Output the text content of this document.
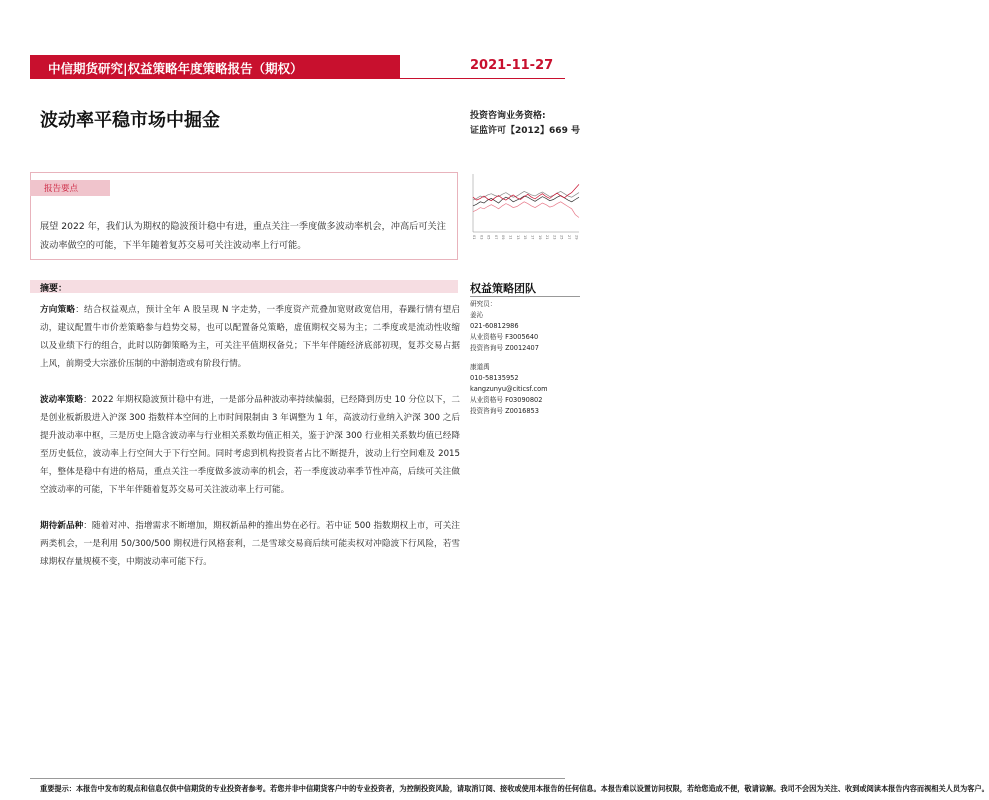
中信期货研究|权益策略年度策略报告（期权）	2021-11-27
波动率平稳市场中掘金	投资咨询业务资格:
证监许可【2012】669 号
报告要点
展望 2022 年，我们认为期权的隐波预计稳中有进，重点关注一季度做多波动率机会，冲高后可关注波动率做空的可能，下半年随着复苏交易可关注波动率上行可能。
01 03 05 07 09 11 13 15 17 19 21 23 25 27 29
摘要：
方向策略：结合权益观点，预计全年 A 股呈现 N 字走势，一季度资产荒叠加宽财政宽信用，春躁行情有望启动，建议配置牛市价差策略参与趋势交易，也可以配置备兑策略，虚值期权交易为主；二季度或是流动性收缩以及业绩下行的组合，此时以防御策略为主，可关注平值期权备兑；下半年伴随经济底部初现，复苏交易占据上风，前期受大宗涨价压制的中游制造或有阶段行情。
波动率策略：2022 年期权隐波预计稳中有进，一是部分品种波动率持续偏弱，已经降到历史 10 分位以下，二是创业板新股进入沪深 300 指数样本空间的上市时间限制由 3 年调整为 1 年，高波动行业纳入沪深 300 之后提升波动率中枢，三是历史上隐含波动率与行业相关系数均值正相关，鉴于沪深 300 行业相关系数均值已经降至历史低位，波动率上行空间大于下行空间。同时考虑到机构投资者占比不断提升，波动上行空间难及 2015 年，整体是稳中有进的格局，重点关注一季度做多波动率的机会，若一季度波动率季节性冲高，后续可关注做空波动率的可能，下半年伴随着复苏交易可关注波动率上行可能。
期待新品种：随着对冲、指增需求不断增加，期权新品种的推出势在必行。若中证 500 指数期权上市，可关注两类机会，一是利用 50/300/500 期权进行风格套利，二是雪球交易商后续可能卖权对冲隐波下行风险，若雪球期权存量规模不变，中期波动率可能下行。
权益策略团队
研究员：
姜沁
021-60812986
从业资格号 F3005640
投资咨询号 Z0012407
康道禹
010-58135952
kangzunyu@citicsf.com
从业资格号 F03090802
投资咨询号 Z0016853
重要提示：本报告中发布的观点和信息仅供中信期货的专业投资者参考。若您并非中信期货客户中的专业投资者，为控制投资风险，请取消订阅、接收或使用本报告的任何信息。本报告难以设置访问权限，若给您造成不便，敬请谅解。我司不会因为关注、收到或阅读本报告内容而视相关人员为客户。
